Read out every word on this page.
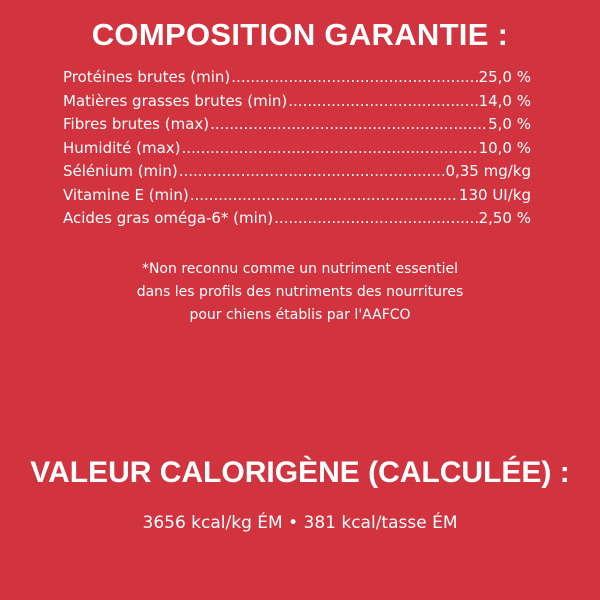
COMPOSITION GARANTIE :
Protéines brutes (min) .....	25,0 %
Matières grasses brutes (min) .....	14,0 %
Fibres brutes (max) .....	5,0 %
Humidité (max) .....	10,0 %
Sélénium (min) .....	0,35 mg/kg
Vitamine E (min) .....	130 UI/kg
Acides gras oméga-6* (min) .....	2,50 %
*Non reconnu comme un nutriment essentiel
dans les profils des nutriments des nourritures
pour chiens établis par l'AAFCO
VALEUR CALORIGÈNE (CALCULÉE) :
3656 kcal/kg ÉM • 381 kcal/tasse ÉM
